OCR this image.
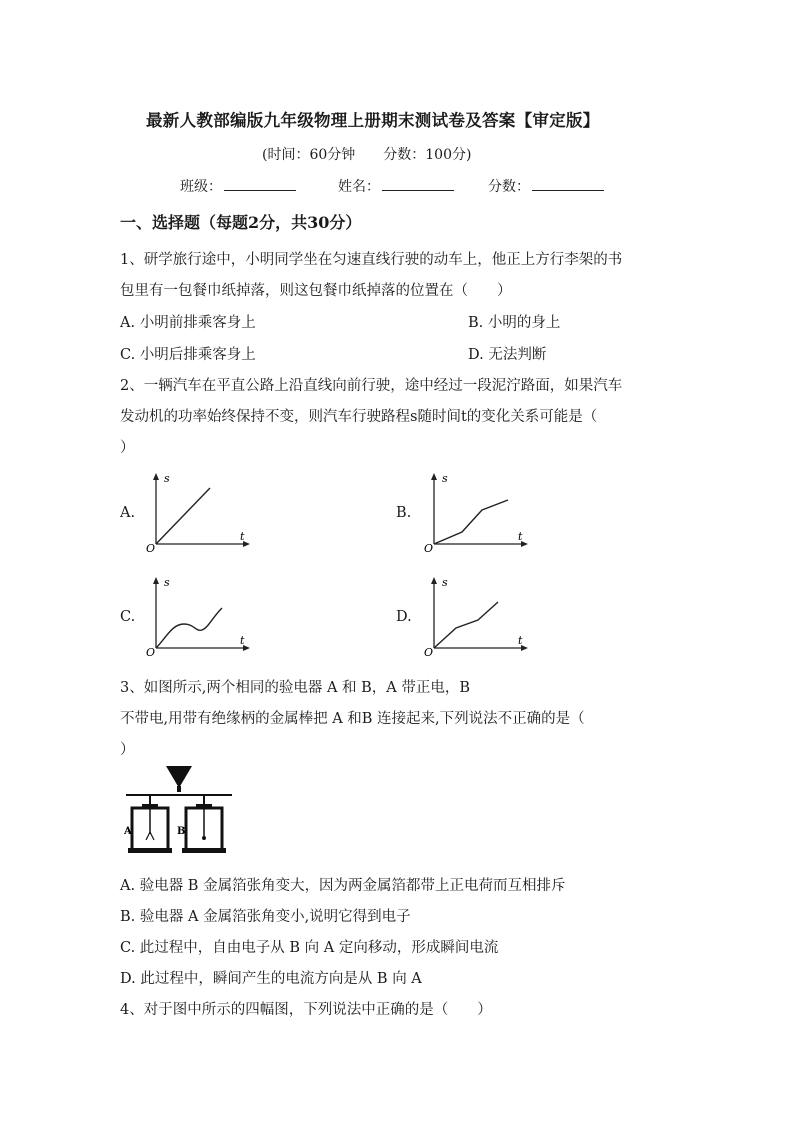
最新人教部编版九年级物理上册期末测试卷及答案【审定版】
(时间：60分钟　　分数：100分)
班级：	姓名：	分数：
一、选择题（每题2分，共30分）
1、研学旅行途中，小明同学坐在匀速直线行驶的动车上，他正上方行李架的书
包里有一包餐巾纸掉落，则这包餐巾纸掉落的位置在（　　）
A. 小明前排乘客身上	B. 小明的身上
C. 小明后排乘客身上	D. 无法判断
2、一辆汽车在平直公路上沿直线向前行驶，途中经过一段泥泞路面，如果汽车
发动机的功率始终保持不变，则汽车行驶路程s随时间t的变化关系可能是（
）
A.	B.
C.	D.
s
t
O
s
t
O
s
t
O
s
t
O
3、如图所示,两个相同的验电器 A 和 B，A 带正电，B
不带电,用带有绝缘柄的金属棒把 A 和B 连接起来,下列说法不正确的是（
）
A	B
A. 验电器 B 金属箔张角变大，因为两金属箔都带上正电荷而互相排斥
B. 验电器 A 金属箔张角变小,说明它得到电子
C. 此过程中，自由电子从 B 向 A 定向移动，形成瞬间电流
D. 此过程中，瞬间产生的电流方向是从 B 向 A
4、对于图中所示的四幅图，下列说法中正确的是（　　）
